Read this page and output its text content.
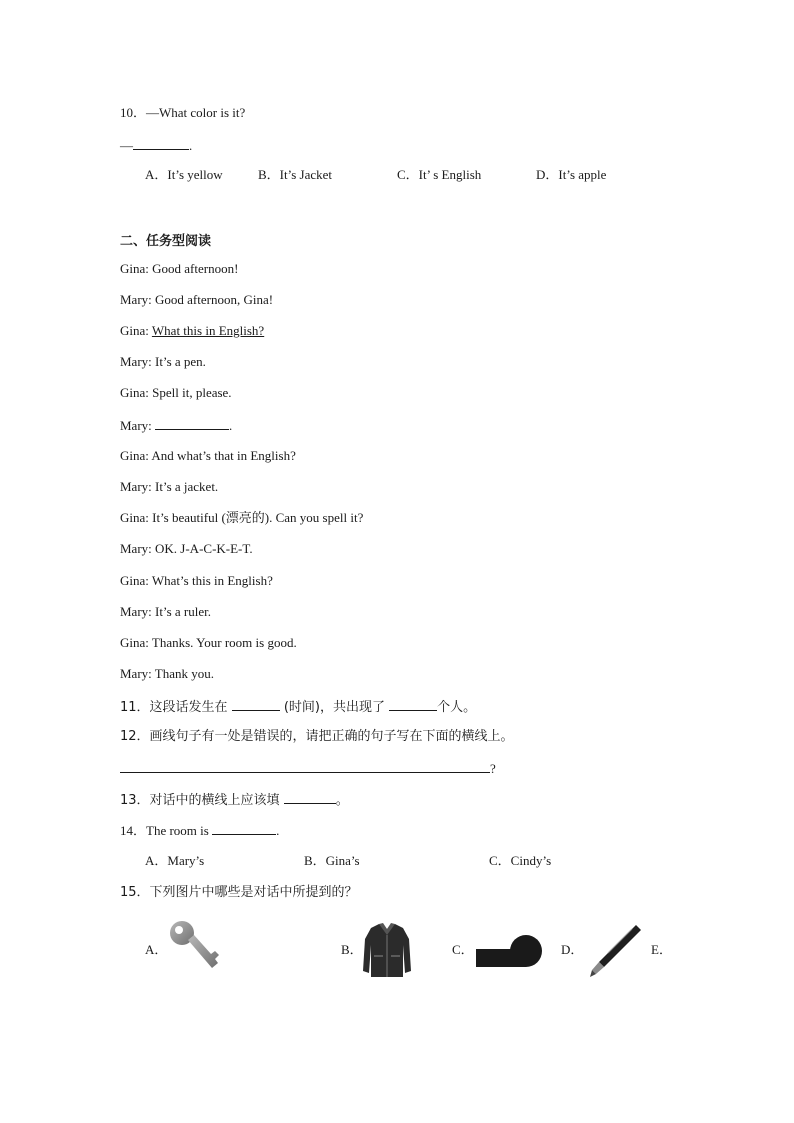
10．—What color is it?
—	.
A．It’s yellow	B．It’s Jacket	C．It’ s English	D．It’s apple
二、任务型阅读
Gina: Good afternoon!
Mary: Good afternoon, Gina!
Gina: What this in English?
Mary: It’s a pen.
Gina: Spell it, please.
Mary:	.
Gina: And what’s that in English?
Mary: It’s a jacket.
Gina: It’s beautiful (漂亮的). Can you spell it?
Mary: OK. J-A-C-K-E-T.
Gina: What’s this in English?
Mary: It’s a ruler.
Gina: Thanks. Your room is good.
Mary: Thank you.
11．这段话发生在	(时间)，共出现了	个人。
12．画线句子有一处是错误的，请把正确的句子写在下面的横线上。
?
13．对话中的横线上应该填	。
14．The room is	.
A．Mary’s	B．Gina’s	C．Cindy’s
15．下列图片中哪些是对话中所提到的？
A．	B．	C．	D．	E．
